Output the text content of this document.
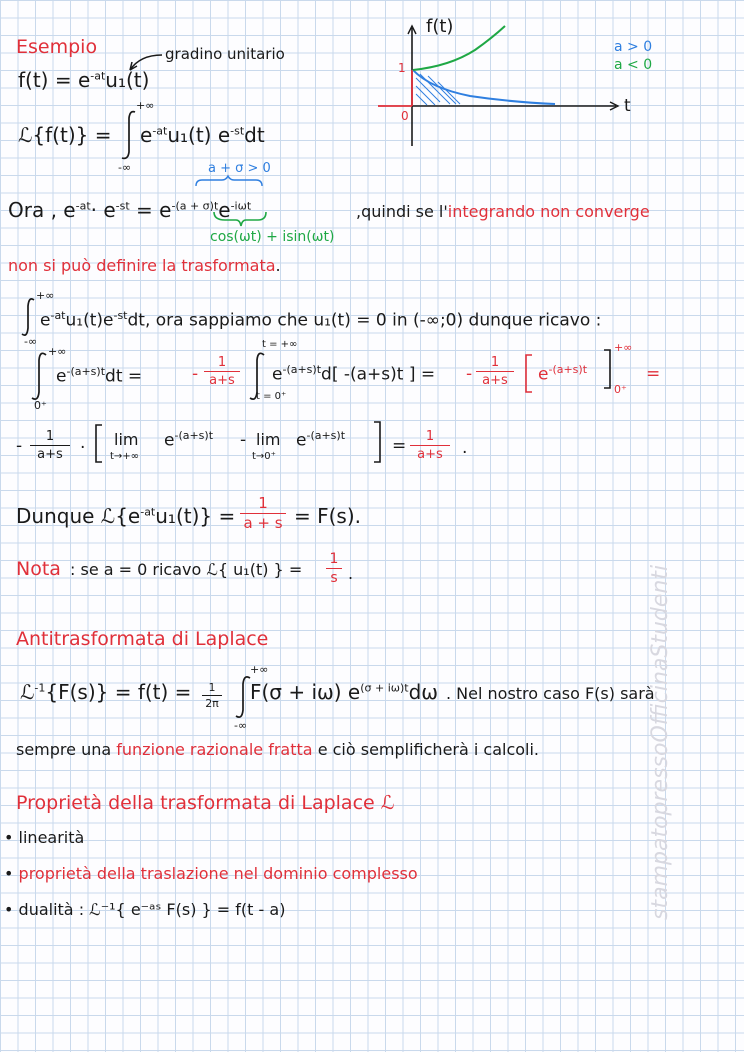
Esempio
$f(t) = e^{-at}u_1(t)$
gradino unitario
ℒ{f(t)} =
+∞
-∞
$e^{-at}u_1(t)$ $e^{-st}dt$
f(t)
t
1
0
a > 0
a < 0
a + σ > 0
Ora , $e^{-at}\cdot e^{-st} = e^{-(a + \sigma)t}e^{-i\omega t}$
cos(ωt) + isin(ωt)
,quindi se l'integrando non converge
non si può definire la trasformata.
+∞
-∞
$e^{-at}u_1(t)e^{-st}dt$, ora sappiamo che u₁(t) = 0 in (-∞;0) dunque ricavo :
+∞
0⁺
$e^{-(a+s)t}dt$ =	- $\frac{1}{a+s}$
t = +∞
t = 0⁺
$e^{-(a+s)t}d$[ -(a+s)t ] = - $\frac{1}{a+s} e^{-(a+s)t}$
+∞
0⁺
=
- $\frac{1}{a+s} \cdot \lim$
t→+∞
$e^{-(a+s)t}$ - lim
t→0⁺
$e^{-(a+s)t}$
= $\frac{1}{a+s}$ .
Dunque $ℒ\{e^{-at}u_1(t)\} = \frac{1}{a + s} = F(s)$.
Nota : se a = 0 ricavo ℒ{ u₁(t) } = $\frac{1}{s}$ .
Antitrasformata di Laplace
ℒ$^{-1}${F(s)} = $f(t) = \frac{1}{2\pi}$
+∞
-∞
F(σ + iω) $e^{(\sigma + i\omega)t}d\omega$ . Nel nostro caso F(s) sarà
sempre una funzione razionale fratta e ciò semplificherà i calcoli.
Proprietà della trasformata di Laplace ℒ
• linearità
• proprietà della traslazione nel dominio complesso
• dualità : ℒ⁻¹{ e⁻ᵃˢ F(s) } = f(t - a)	stampatopressoOfficinaStudenti
